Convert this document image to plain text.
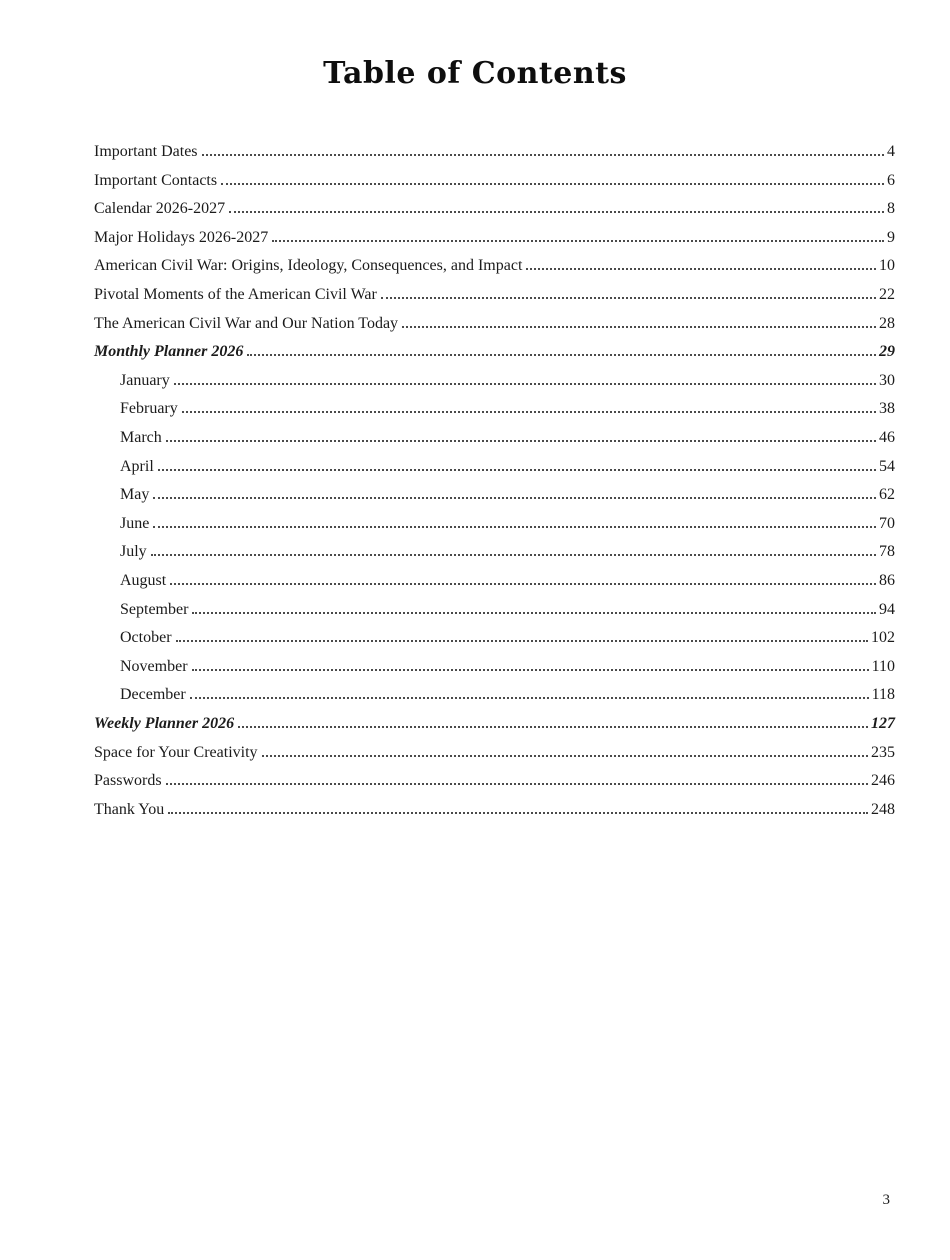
Table of Contents
Important Dates	4
Important Contacts	6
Calendar 2026-2027	8
Major Holidays 2026-2027	9
American Civil War: Origins, Ideology, Consequences, and Impact	10
Pivotal Moments of the American Civil War	22
The American Civil War and Our Nation Today	28
Monthly Planner 2026	29
January	30
February	38
March	46
April	54
May	62
June	70
July	78
August	86
September	94
October	102
November	110
December	118
Weekly Planner 2026	127
Space for Your Creativity	235
Passwords	246
Thank You	248
3
